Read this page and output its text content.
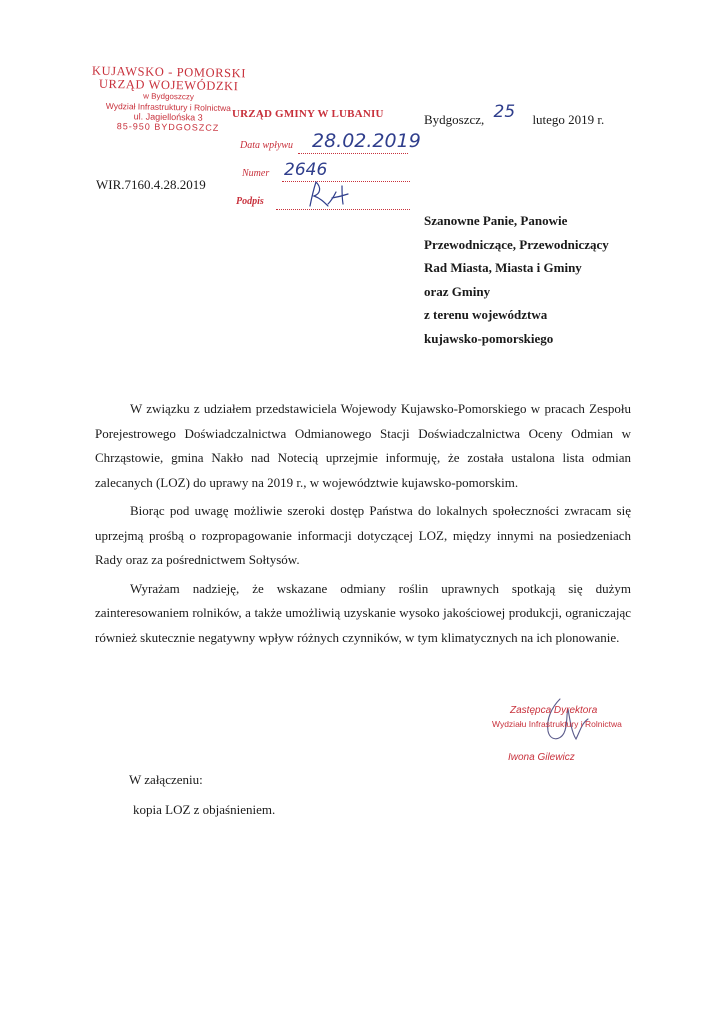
KUJAWSKO - POMORSKI
URZĄD WOJEWÓDZKI
w Bydgoszczy
Wydział Infrastruktury i Rolnictwa
ul. Jagiellońska 3
85-950 BYDGOSZCZ
URZĄD GMINY W LUBANIU
Data wpływu 28.02.2019
Numer 2646
Podpis
Bydgoszcz, 25 lutego 2019 r.
WIR.7160.4.28.2019
Szanowne Panie, Panowie
Przewodniczące, Przewodniczący
Rad Miasta, Miasta i Gminy
oraz Gminy
z terenu województwa
kujawsko-pomorskiego

W związku z udziałem przedstawiciela Wojewody Kujawsko-Pomorskiego w pracach Zespołu Porejestrowego Doświadczalnictwa Odmianowego Stacji Doświadczalnictwa Oceny Odmian w Chrząstowie, gmina Nakło nad Notecią uprzejmie informuję, że została ustalona lista odmian zalecanych (LOZ) do uprawy na 2019 r., w województwie kujawsko-pomorskim.

Biorąc pod uwagę możliwie szeroki dostęp Państwa do lokalnych społeczności zwracam się uprzejmą prośbą o rozpropagowanie informacji dotyczącej LOZ, między innymi na posiedzeniach Rady oraz za pośrednictwem Sołtysów.

Wyrażam nadzieję, że wskazane odmiany roślin uprawnych spotkają się dużym zainteresowaniem rolników, a także umożliwią uzyskanie wysoko jakościowej produkcji, ograniczając również skutecznie negatywny wpływ różnych czynników, w tym klimatycznych na ich plonowanie.

Zastępca Dyrektora
Wydziału Infrastruktury i Rolnictwa
Iwona Gilewicz
W załączeniu:
kopia LOZ z objaśnieniem.
